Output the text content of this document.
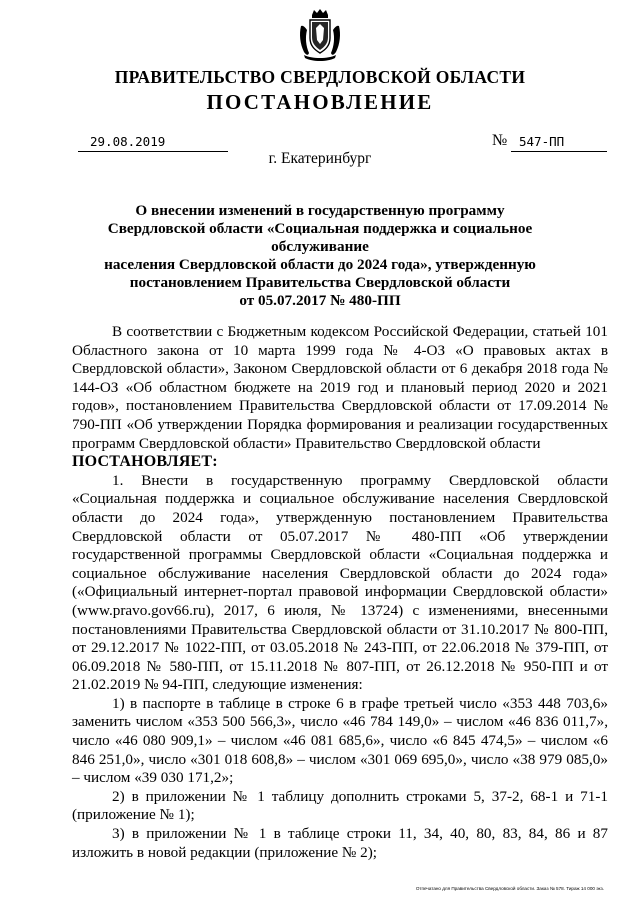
ПРАВИТЕЛЬСТВО СВЕРДЛОВСКОЙ ОБЛАСТИ
ПОСТАНОВЛЕНИЕ
29.08.2019	№ 547-ПП
г. Екатеринбург
О внесении изменений в государственную программу
Свердловской области «Социальная поддержка и социальное обслуживание
населения Свердловской области до 2024 года», утвержденную
постановлением Правительства Свердловской области
от 05.07.2017 № 480-ПП

В соответствии с Бюджетным кодексом Российской Федерации, статьей 101 Областного закона от 10 марта 1999 года № 4-ОЗ «О правовых актах в Свердловской области», Законом Свердловской области от 6 декабря 2018 года № 144-ОЗ «Об областном бюджете на 2019 год и плановый период 2020 и 2021 годов», постановлением Правительства Свердловской области от 17.09.2014 № 790-ПП «Об утверждении Порядка формирования и реализации государственных программ Свердловской области» Правительство Свердловской области

ПОСТАНОВЛЯЕТ:

1. Внести в государственную программу Свердловской области «Социальная поддержка и социальное обслуживание населения Свердловской области до 2024 года», утвержденную постановлением Правительства Свердловской области от 05.07.2017 № 480-ПП «Об утверждении государственной программы Свердловской области «Социальная поддержка и социальное обслуживание населения Свердловской области до 2024 года» («Официальный интернет-портал правовой информации Свердловской области» (www.pravo.gov66.ru), 2017, 6 июля, № 13724) с изменениями, внесенными постановлениями Правительства Свердловской области от 31.10.2017 № 800-ПП, от 29.12.2017 № 1022-ПП, от 03.05.2018 № 243-ПП, от 22.06.2018 № 379-ПП, от 06.09.2018 № 580-ПП, от 15.11.2018 № 807-ПП, от 26.12.2018 № 950-ПП и от 21.02.2019 № 94-ПП, следующие изменения:

1) в паспорте в таблице в строке 6 в графе третьей число «353 448 703,6» заменить числом «353 500 566,3», число «46 784 149,0» – числом «46 836 011,7», число «46 080 909,1» – числом «46 081 685,6», число «6 845 474,5» – числом «6 846 251,0», число «301 018 608,8» – числом «301 069 695,0», число «38 979 085,0» – числом «39 030 171,2»;

2) в приложении № 1 таблицу дополнить строками 5, 37-2, 68-1 и 71-1 (приложение № 1);

3) в приложении № 1 в таблице строки 11, 34, 40, 80, 83, 84, 86 и 87 изложить в новой редакции (приложение № 2);

Отпечатано для Правительства Свердловской области. Заказ № 578. Тираж 14 000 экз.
